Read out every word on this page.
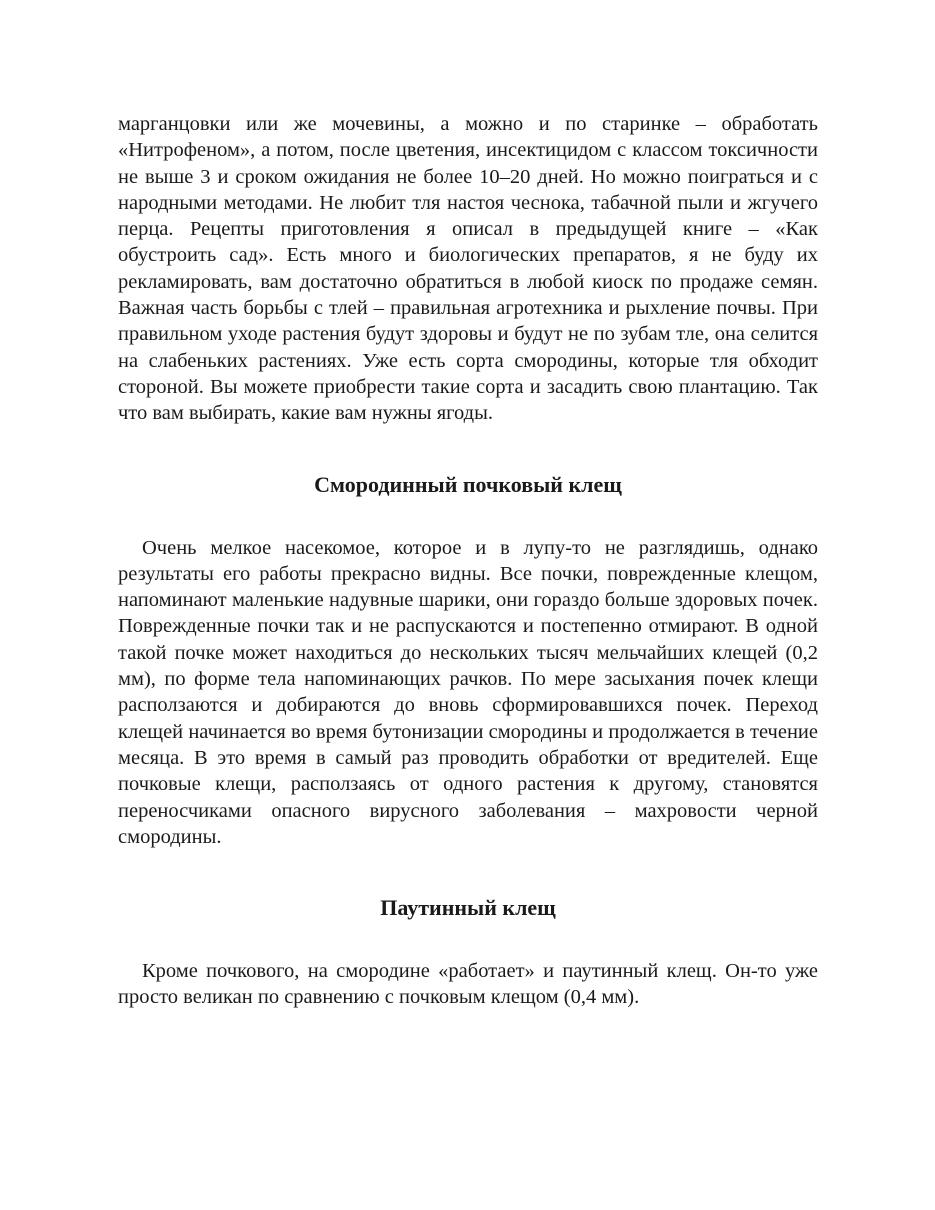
марганцовки или же мочевины, а можно и по старинке – обработать «Нитрофеном», а потом, после цветения, инсектицидом с классом токсичности не выше 3 и сроком ожидания не более 10–20 дней. Но можно поиграться и с народными методами. Не любит тля настоя чеснока, табачной пыли и жгучего перца. Рецепты приготовления я описал в предыдущей книге – «Как обустроить сад». Есть много и биологических препаратов, я не буду их рекламировать, вам достаточно обратиться в любой киоск по продаже семян. Важная часть борьбы с тлей – правильная агротехника и рыхление почвы. При правильном уходе растения будут здоровы и будут не по зубам тле, она селится на слабеньких растениях. Уже есть сорта смородины, которые тля обходит стороной. Вы можете приобрести такие сорта и засадить свою плантацию. Так что вам выбирать, какие вам нужны ягоды.

Смородинный почковый клещ

Очень мелкое насекомое, которое и в лупу-то не разглядишь, однако результаты его работы прекрасно видны. Все почки, поврежденные клещом, напоминают маленькие надувные шарики, они гораздо больше здоровых почек. Поврежденные почки так и не распускаются и постепенно отмирают. В одной такой почке может находиться до нескольких тысяч мельчайших клещей (0,2 мм), по форме тела напоминающих рачков. По мере засыхания почек клещи расползаются и добираются до вновь сформировавшихся почек. Переход клещей начинается во время бутонизации смородины и продолжается в течение месяца. В это время в самый раз проводить обработки от вредителей. Еще почковые клещи, расползаясь от одного растения к другому, становятся переносчиками опасного вирусного заболевания – махровости черной смородины.

Паутинный клещ

Кроме почкового, на смородине «работает» и паутинный клещ. Он-то уже просто великан по сравнению с почковым клещом (0,4 мм).
